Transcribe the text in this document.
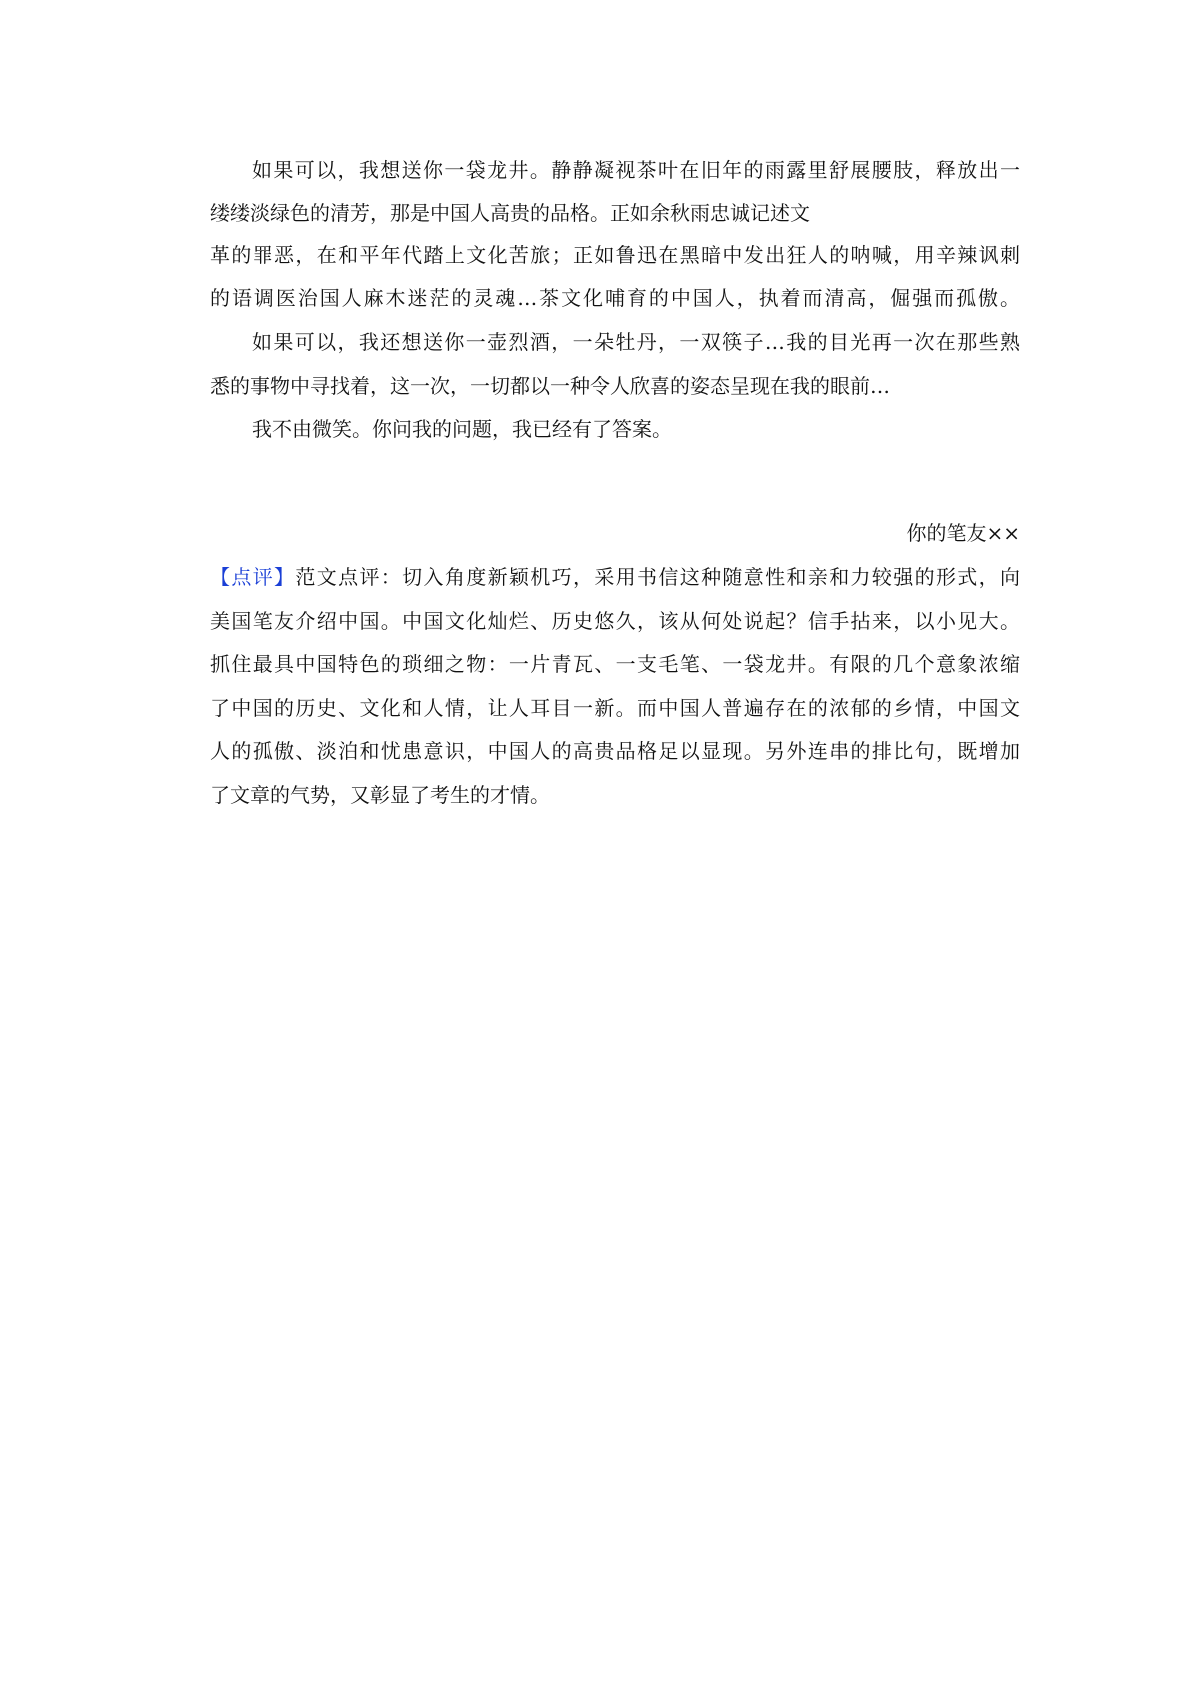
如果可以，我想送你一袋龙井。静静凝视茶叶在旧年的雨露里舒展腰肢，释放出一
缕缕淡绿色的清芳，那是中国人高贵的品格。正如余秋雨忠诚记述文
革的罪恶，在和平年代踏上文化苦旅；正如鲁迅在黑暗中发出狂人的呐喊，用辛辣讽刺
的语调医治国人麻木迷茫的灵魂…茶文化哺育的中国人，执着而清高，倔强而孤傲。
如果可以，我还想送你一壶烈酒，一朵牡丹，一双筷子…我的目光再一次在那些熟
悉的事物中寻找着，这一次，一切都以一种令人欣喜的姿态呈现在我的眼前…
我不由微笑。你问我的问题，我已经有了答案。
你的笔友××
【点评】范文点评：切入角度新颖机巧，采用书信这种随意性和亲和力较强的形式，向
美国笔友介绍中国。中国文化灿烂、历史悠久，该从何处说起？信手拈来，以小见大。
抓住最具中国特色的琐细之物：一片青瓦、一支毛笔、一袋龙井。有限的几个意象浓缩
了中国的历史、文化和人情，让人耳目一新。而中国人普遍存在的浓郁的乡情，中国文
人的孤傲、淡泊和忧患意识，中国人的高贵品格足以显现。另外连串的排比句，既增加
了文章的气势，又彰显了考生的才情。
